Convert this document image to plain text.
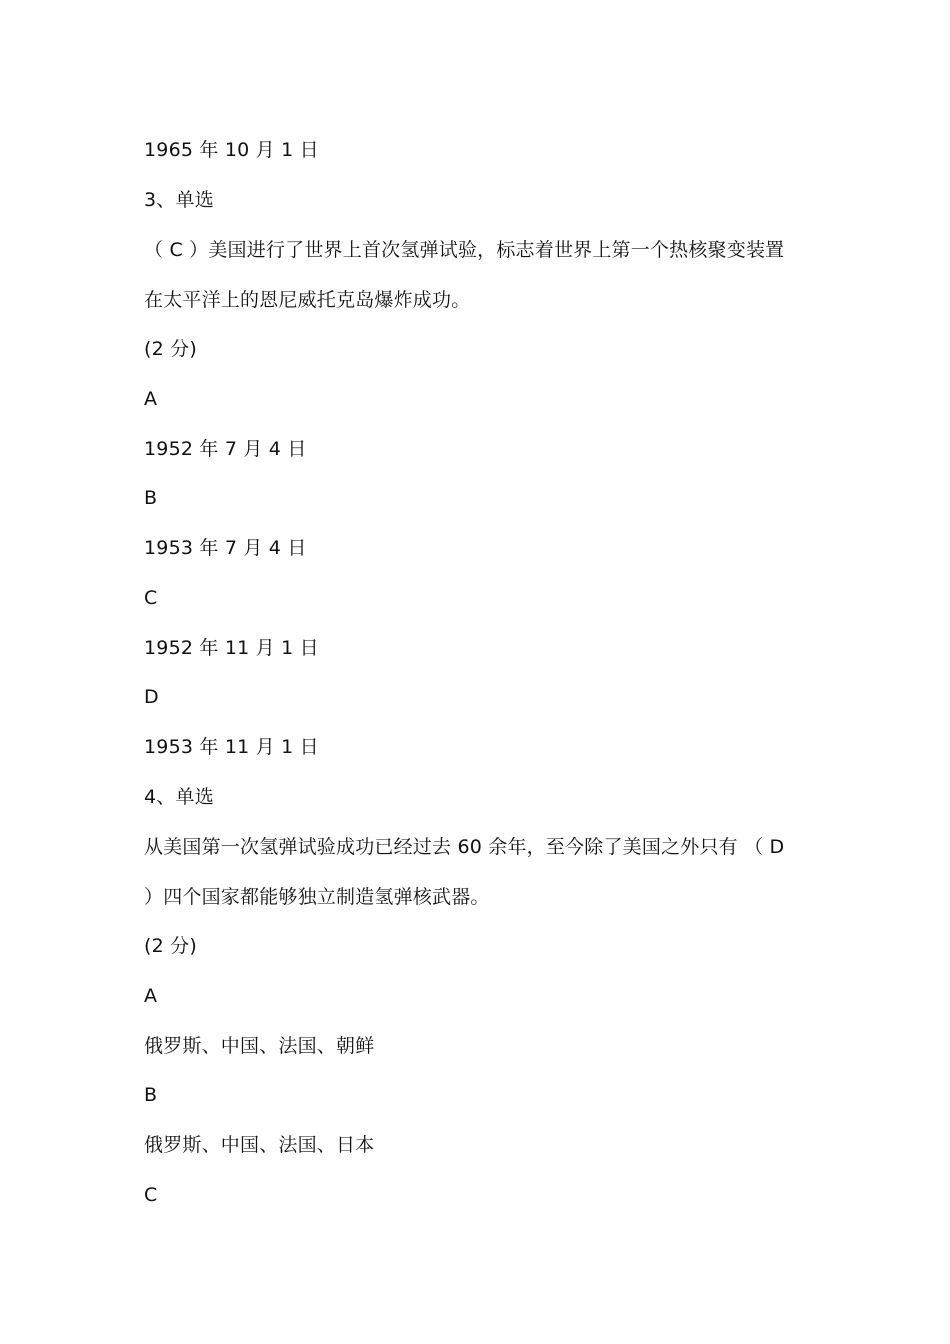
1965 年 10 月 1 日
3、单选
（ C ）美国进行了世界上首次氢弹试验，标志着世界上第一个热核聚变装置
在太平洋上的恩尼威托克岛爆炸成功。
(2 分)
A
1952 年 7 月 4 日
B
1953 年 7 月 4 日
C
1952 年 11 月 1 日
D
1953 年 11 月 1 日
4、单选
从美国第一次氢弹试验成功已经过去 60 余年，至今除了美国之外只有 （ D
）四个国家都能够独立制造氢弹核武器。
(2 分)
A
俄罗斯、中国、法国、朝鲜
B
俄罗斯、中国、法国、日本
C
